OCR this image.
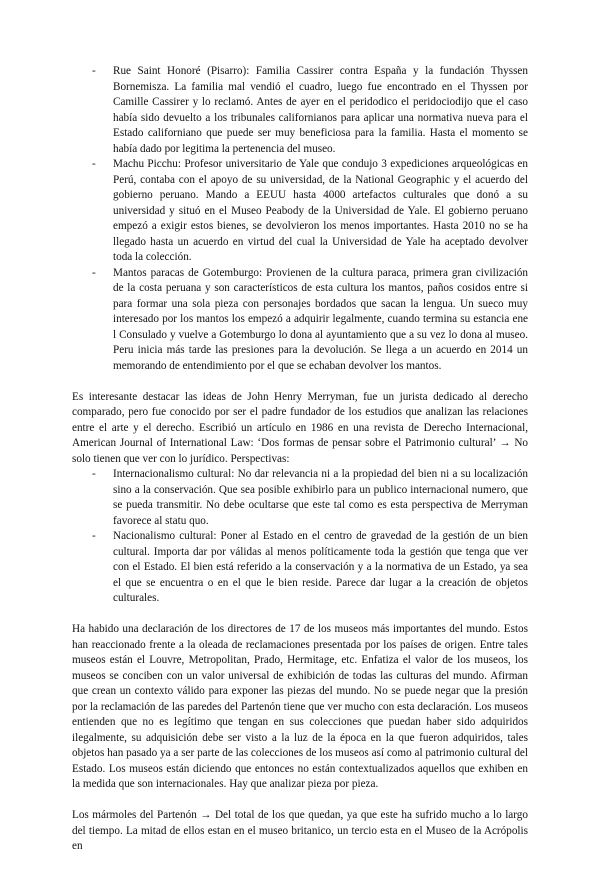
- Rue Saint Honoré (Pisarro): Familia Cassirer contra España y la fundación Thyssen Bornemisza. La familia mal vendió el cuadro, luego fue encontrado en el Thyssen por Camille Cassirer y lo reclamó. Antes de ayer en el peridodico el peridociodijo que el caso había sido devuelto a los tribunales californianos para aplicar una normativa nueva para el Estado californiano que puede ser muy beneficiosa para la familia. Hasta el momento se había dado por legitima la pertenencia del museo.
- Machu Picchu: Profesor universitario de Yale que condujo 3 expediciones arqueológicas en Perú, contaba con el apoyo de su universidad, de la National Geographic y el acuerdo del gobierno peruano. Mando a EEUU hasta 4000 artefactos culturales que donó a su universidad y situó en el Museo Peabody de la Universidad de Yale. El gobierno peruano empezó a exigir estos bienes, se devolvieron los menos importantes. Hasta 2010 no se ha llegado hasta un acuerdo en virtud del cual la Universidad de Yale ha aceptado devolver toda la colección.
- Mantos paracas de Gotemburgo: Provienen de la cultura paraca, primera gran civilización de la costa peruana y son característicos de esta cultura los mantos, paños cosidos entre si para formar una sola pieza con personajes bordados que sacan la lengua. Un sueco muy interesado por los mantos los empezó a adquirir legalmente, cuando termina su estancia ene l Consulado y vuelve a Gotemburgo lo dona al ayuntamiento que a su vez lo dona al museo. Peru inicia más tarde las presiones para la devolución. Se llega a un acuerdo en 2014 un memorando de entendimiento por el que se echaban devolver los mantos.

Es interesante destacar las ideas de John Henry Merryman, fue un jurista dedicado al derecho comparado, pero fue conocido por ser el padre fundador de los estudios que analizan las relaciones entre el arte y el derecho. Escribió un artículo en 1986 en una revista de Derecho Internacional, American Journal of International Law: ‘Dos formas de pensar sobre el Patrimonio cultural’ → No solo tienen que ver con lo jurídico. Perspectivas:

- Internacionalismo cultural: No dar relevancia ni a la propiedad del bien ni a su localización sino a la conservación. Que sea posible exhibirlo para un publico internacional numero, que se pueda transmitir. No debe ocultarse que este tal como es esta perspectiva de Merryman favorece al statu quo.
- Nacionalismo cultural: Poner al Estado en el centro de gravedad de la gestión de un bien cultural. Importa dar por válidas al menos políticamente toda la gestión que tenga que ver con el Estado. El bien está referido a la conservación y a la normativa de un Estado, ya sea el que se encuentra o en el que le bien reside. Parece dar lugar a la creación de objetos culturales.

Ha habido una declaración de los directores de 17 de los museos más importantes del mundo. Estos han reaccionado frente a la oleada de reclamaciones presentada por los países de origen. Entre tales museos están el Louvre, Metropolitan, Prado, Hermitage, etc. Enfatiza el valor de los museos, los museos se conciben con un valor universal de exhibición de todas las culturas del mundo. Afirman que crean un contexto válido para exponer las piezas del mundo. No se puede negar que la presión por la reclamación de las paredes del Partenón tiene que ver mucho con esta declaración. Los museos entienden que no es legítimo que tengan en sus colecciones que puedan haber sido adquiridos ilegalmente, su adquisición debe ser visto a la luz de la época en la que fueron adquiridos, tales objetos han pasado ya a ser parte de las colecciones de los museos así como al patrimonio cultural del Estado. Los museos están diciendo que entonces no están contextualizados aquellos que exhiben en la medida que son internacionales. Hay que analizar pieza por pieza.

Los mármoles del Partenón → Del total de los que quedan, ya que este ha sufrido mucho a lo largo del tiempo. La mitad de ellos estan en el museo britanico, un tercio esta en el Museo de la Acrópolis en
